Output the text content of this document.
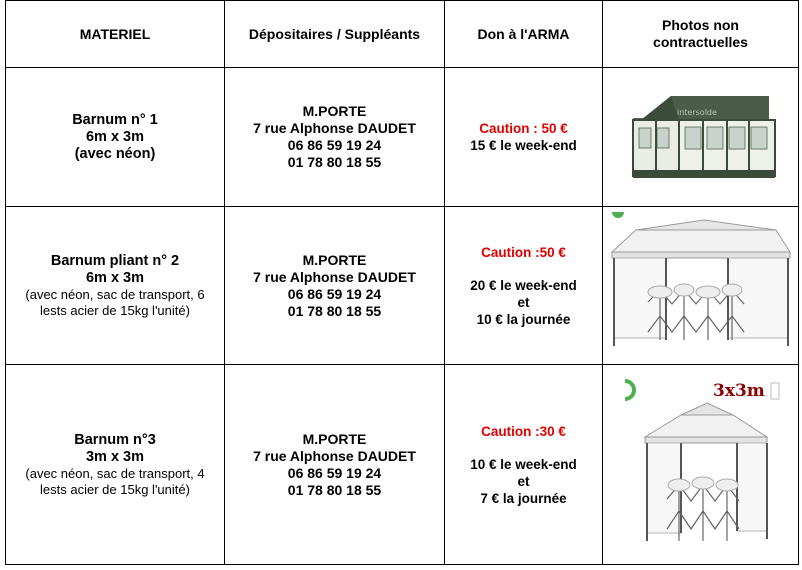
MATERIEL	Dépositaires / Suppléants	Don à l'ARMA	Photos non
contractuelles

Barnum n° 1
6m x 3m
(avec néon)	M.PORTE
7 rue Alphonse DAUDET
06 86 59 19 24
01 78 80 18 55	Caution : 50 €
15 € le week-end	intersolde

Barnum pliant n° 2
6m x 3m
(avec néon, sac de transport, 6
lests acier de 15kg l'unité)	M.PORTE
7 rue Alphonse DAUDET
06 86 59 19 24
01 78 80 18 55	Caution :50 €
20 € le week-end
et
10 € la journée

Barnum n°3
3m x 3m
(avec néon, sac de transport, 4
lests acier de 15kg l'unité)	M.PORTE
7 rue Alphonse DAUDET
06 86 59 19 24
01 78 80 18 55	Caution :30 €
10 € le week-end
et
7 € la journée	3x3m
